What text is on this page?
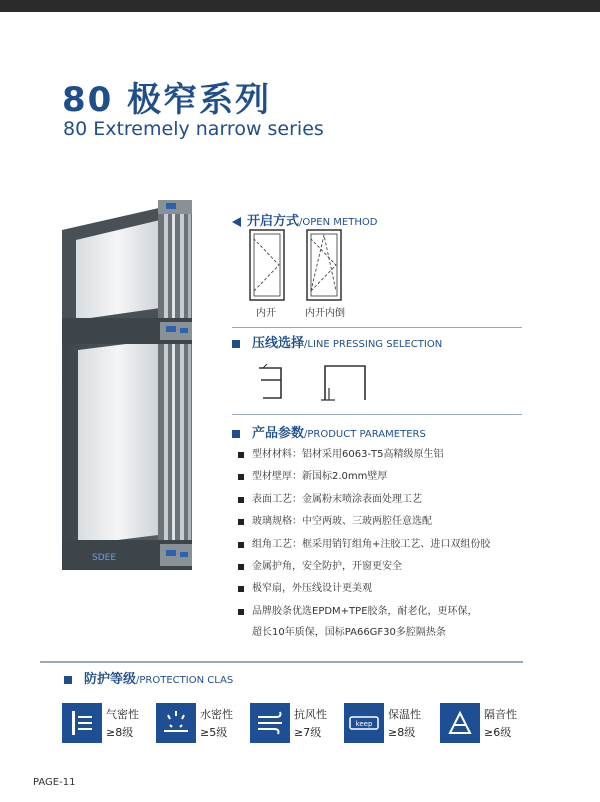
80 极窄系列
80 Extremely narrow series
SDEE
开启方式/OPEN METHOD
内开	内开内倒
压线选择/LINE PRESSING SELECTION
产品参数/PRODUCT PARAMETERS
型材材料：铝材采用6063-T5高精级原生铝
型材壁厚：新国标2.0mm壁厚
表面工艺：金属粉末喷涂表面处理工艺
玻璃规格：中空两玻、三玻两腔任意选配
组角工艺：框采用销钉组角+注胶工艺、进口双组份胶
金属护角，安全防护，开窗更安全
极窄扇，外压线设计更美观
品牌胶条优选EPDM+TPE胶条，耐老化，更环保，
超长10年质保，国标PA66GF30多腔隔热条
防护等级/PROTECTION CLAS
气密性
≥8级
水密性
≥5级
抗风性
≥7级
keep
保温性
≥8级
隔音性
≥6级
PAGE-11
